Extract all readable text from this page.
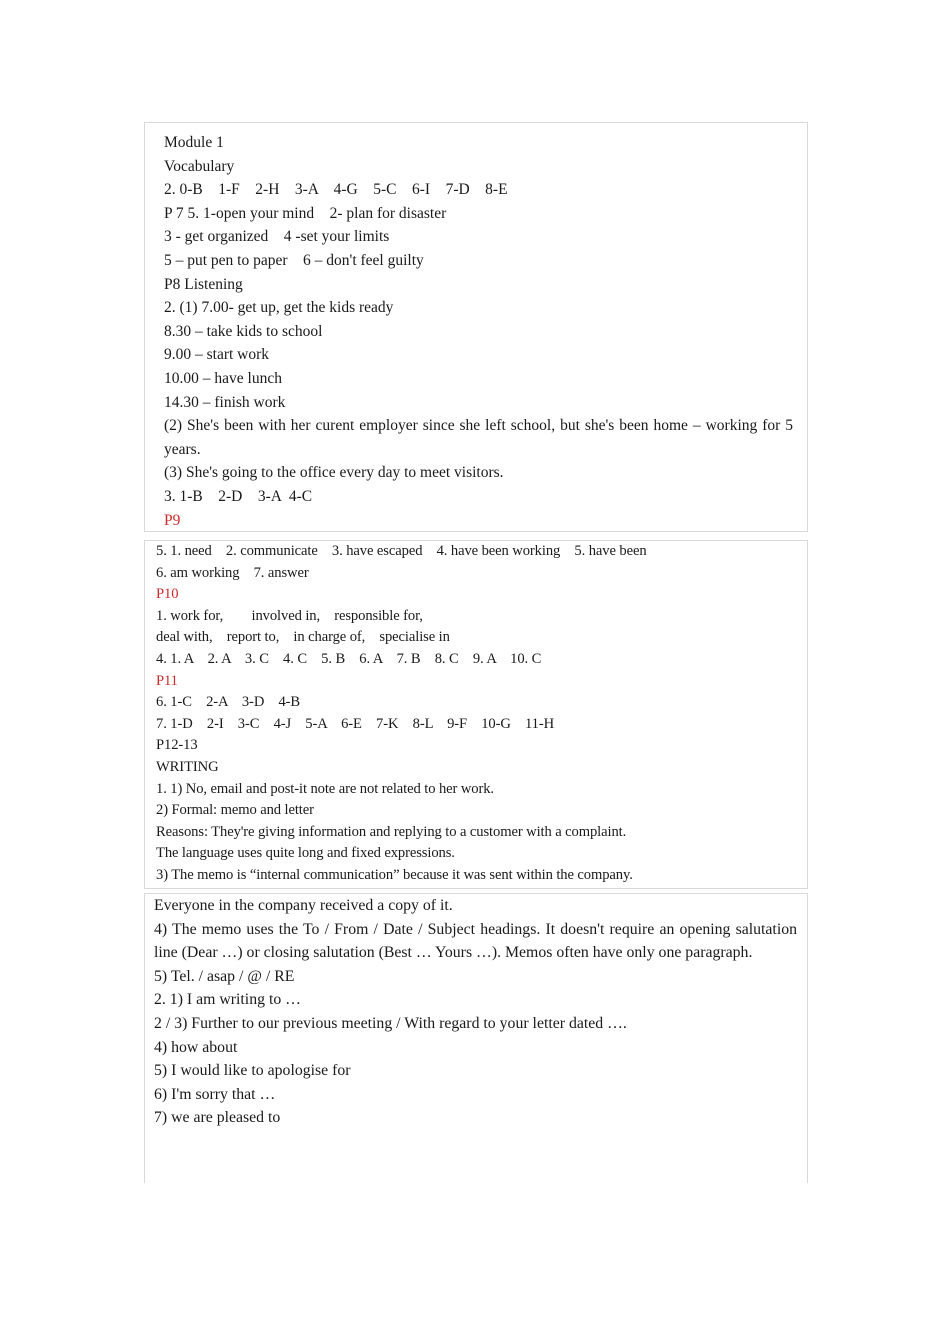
Module 1
Vocabulary
2. 0-B    1-F    2-H    3-A    4-G    5-C    6-I    7-D    8-E
P 7 5. 1-open your mind    2- plan for disaster
3 - get organized    4 -set your limits
5 – put pen to paper    6 – don't feel guilty
P8 Listening
2. (1) 7.00- get up, get the kids ready
8.30 – take kids to school
9.00 – start work
10.00 – have lunch
14.30 – finish work
(2) She's been with her curent employer since she left school, but she's been home – working for 5 years.
(3) She's going to the office every day to meet visitors.
3. 1-B    2-D    3-A  4-C
P9
5. 1. need    2. communicate    3. have escaped    4. have been working    5. have been
6. am working    7. answer
P10
1. work for,        involved in,    responsible for,
deal with,    report to,    in charge of,    specialise in
4. 1. A    2. A    3. C    4. C    5. B    6. A    7. B    8. C    9. A    10. C
P11
6. 1-C    2-A    3-D    4-B
7. 1-D    2-I    3-C    4-J    5-A    6-E    7-K    8-L    9-F    10-G    11-H
P12-13
WRITING
1. 1) No, email and post-it note are not related to her work.
2) Formal: memo and letter
Reasons: They're giving information and replying to a customer with a complaint.
The language uses quite long and fixed expressions.
3) The memo is “internal communication” because it was sent within the company.
Everyone in the company received a copy of it.
4) The memo uses the To / From / Date / Subject headings. It doesn't require an opening salutation line (Dear …) or closing salutation (Best … Yours …). Memos often have only one paragraph.
5) Tel. / asap / @ / RE
2. 1) I am writing to …
2 / 3) Further to our previous meeting / With regard to your letter dated ….
4) how about
5) I would like to apologise for
6) I'm sorry that …
7) we are pleased to
